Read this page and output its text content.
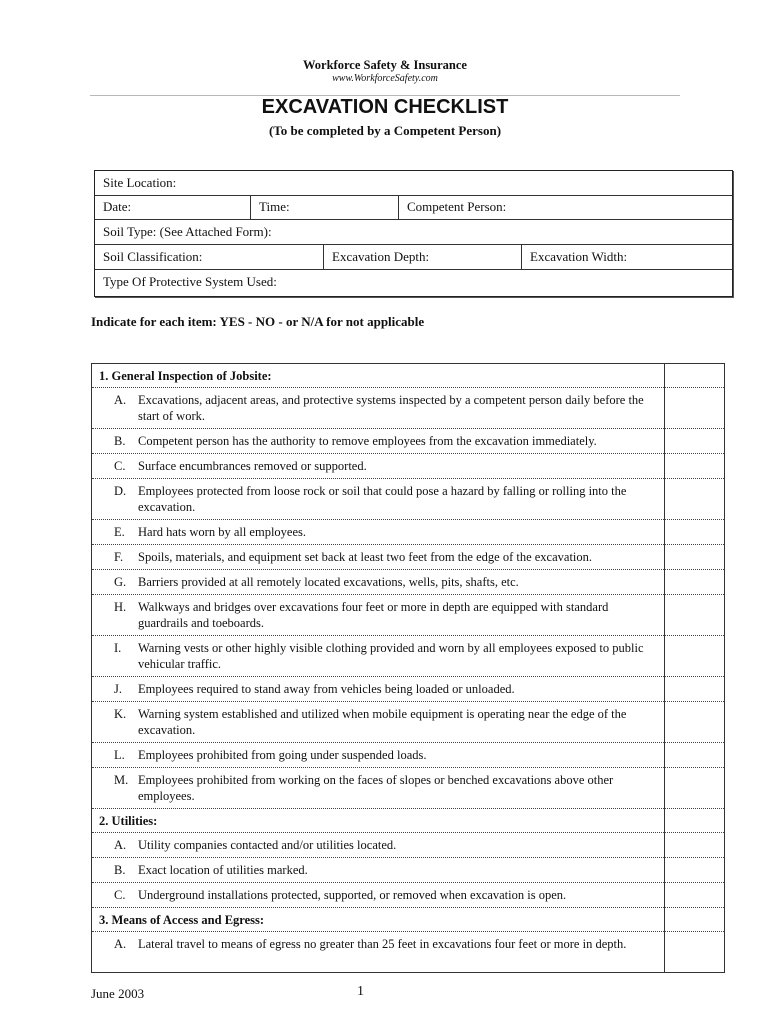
Workforce Safety & Insurance
www.WorkforceSafety.com
EXCAVATION CHECKLIST
(To be completed by a Competent Person)
Site Location:
Date:	Time:	Competent Person:
Soil Type: (See Attached Form):
Soil Classification:	Excavation Depth:	Excavation Width:
Type Of Protective System Used:
Indicate for each item: YES - NO - or N/A for not applicable
1. General Inspection of Jobsite:
A. Excavations, adjacent areas, and protective systems inspected by a competent person daily before the start of work.
B. Competent person has the authority to remove employees from the excavation immediately.
C. Surface encumbrances removed or supported.
D. Employees protected from loose rock or soil that could pose a hazard by falling or rolling into the excavation.
E. Hard hats worn by all employees.
F. Spoils, materials, and equipment set back at least two feet from the edge of the excavation.
G. Barriers provided at all remotely located excavations, wells, pits, shafts, etc.
H. Walkways and bridges over excavations four feet or more in depth are equipped with standard guardrails and toeboards.
I. Warning vests or other highly visible clothing provided and worn by all employees exposed to public vehicular traffic.
J. Employees required to stand away from vehicles being loaded or unloaded.
K. Warning system established and utilized when mobile equipment is operating near the edge of the excavation.
L. Employees prohibited from going under suspended loads.
M. Employees prohibited from working on the faces of slopes or benched excavations above other employees.
2. Utilities:
A. Utility companies contacted and/or utilities located.
B. Exact location of utilities marked.
C. Underground installations protected, supported, or removed when excavation is open.
3. Means of Access and Egress:
A. Lateral travel to means of egress no greater than 25 feet in excavations four feet or more in depth.
June 2003	1
